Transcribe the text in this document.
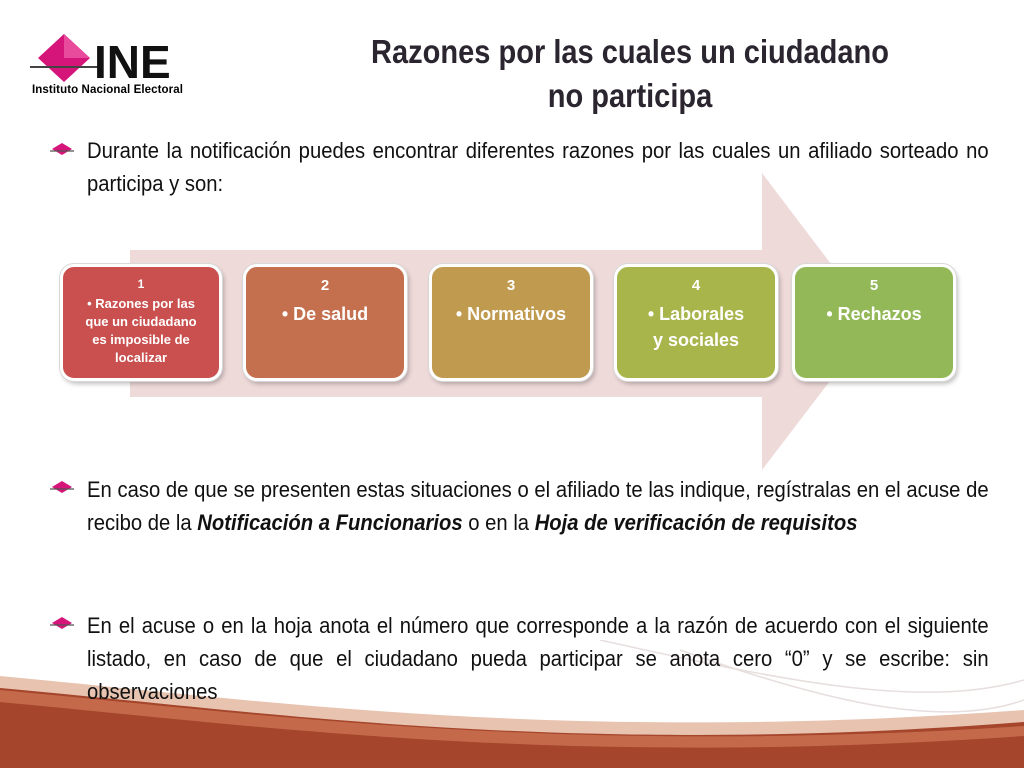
INE
Instituto Nacional Electoral
Razones por las cuales un ciudadano
no participa
Durante la notificación puedes encontrar diferentes razones por las cuales un afiliado sorteado no participa y son:
1
• Razones por las que un ciudadano es imposible de localizar
2
• De salud
3
• Normativos
4
• Laborales y sociales
5
• Rechazos
En caso de que se presenten estas situaciones o el afiliado te las indique, regístralas en el acuse de recibo de la Notificación a Funcionarios o en la Hoja de verificación de requisitos
En el acuse o en la hoja anota el número que corresponde a la razón de acuerdo con el siguiente listado, en caso de que el ciudadano pueda participar se anota cero “0” y se escribe: sin observaciones
